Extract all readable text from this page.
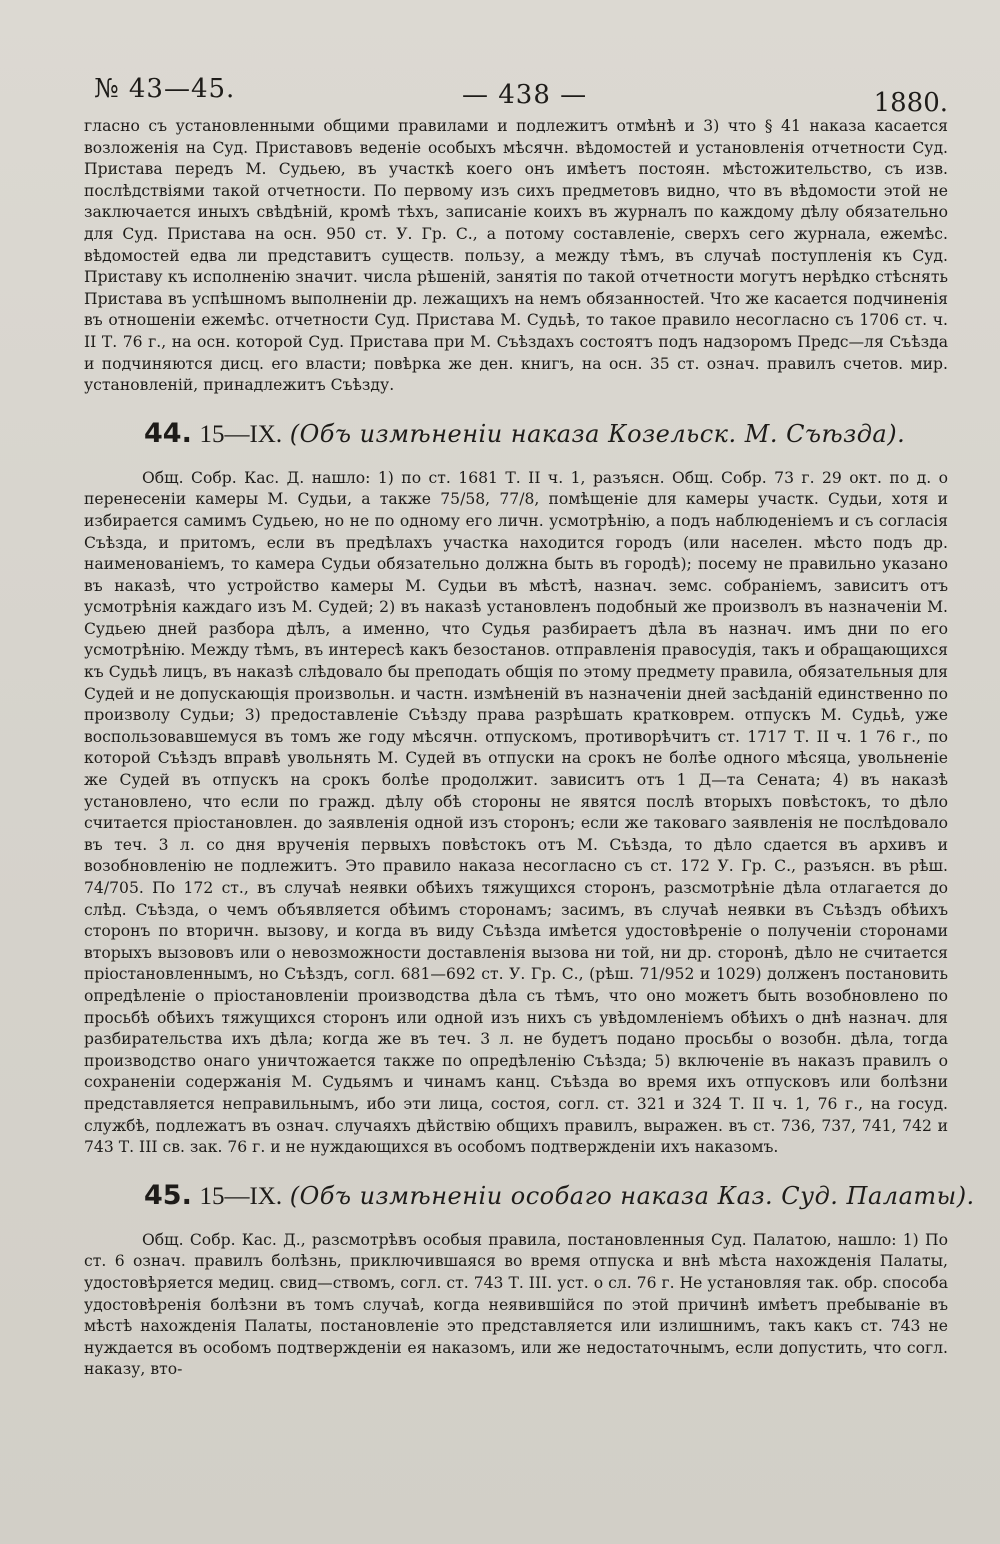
№ 43—45.	— 438 —	1880.

гласно съ установленными общими правилами и подлежитъ отмѣнѣ и 3) что § 41 наказа касается возложенія на Суд. Приставовъ веденіе особыхъ мѣсячн. вѣдомостей и установленія отчетности Суд. Пристава передъ М. Судьею, въ участкѣ коего онъ имѣетъ постоян. мѣстожительство, съ изв. послѣдствіями такой отчетности. По первому изъ сихъ предметовъ видно, что въ вѣдомости этой не заключается иныхъ свѣдѣній, кромѣ тѣхъ, записаніе коихъ въ журналъ по каждому дѣлу обязательно для Суд. Пристава на осн. 950 ст. У. Гр. С., а потому составленіе, сверхъ сего журнала, ежемѣс. вѣдомостей едва ли представитъ существ. пользу, а между тѣмъ, въ случаѣ поступленія къ Суд. Приставу къ исполненію значит. числа рѣшеній, занятія по такой отчетности могутъ нерѣдко стѣснять Пристава въ успѣшномъ выполненіи др. лежащихъ на немъ обязанностей. Что же касается подчиненія въ отношеніи ежемѣс. отчетности Суд. Пристава М. Судьѣ, то такое правило несогласно съ 1706 ст. ч. II Т. 76 г., на осн. которой Суд. Пристава при М. Съѣздахъ состоятъ подъ надзоромъ Предс—ля Съѣзда и подчиняются дисц. его власти; повѣрка же ден. книгъ, на осн. 35 ст. означ. правилъ счетов. мир. установленій, принадлежитъ Съѣзду.

44. 15—IX. (Объ измѣненіи наказа Козельск. М. Съѣзда).

Общ. Собр. Кас. Д. нашло: 1) по ст. 1681 Т. II ч. 1, разъясн. Общ. Собр. 73 г. 29 окт. по д. о перенесеніи камеры М. Судьи, а также 75/58, 77/8, помѣщеніе для камеры участк. Судьи, хотя и избирается самимъ Судьею, но не по одному его личн. усмотрѣнію, а подъ наблюденіемъ и съ согласія Съѣзда, и притомъ, если въ предѣлахъ участка находится городъ (или населен. мѣсто подъ др. наименованіемъ, то камера Судьи обязательно должна быть въ городѣ); посему не правильно указано въ наказѣ, что устройство камеры М. Судьи въ мѣстѣ, назнач. земс. собраніемъ, зависитъ отъ усмотрѣнія каждаго изъ М. Судей; 2) въ наказѣ установленъ подобный же произволъ въ назначеніи М. Судьею дней разбора дѣлъ, а именно, что Судья разбираетъ дѣла въ назнач. имъ дни по его усмотрѣнію. Между тѣмъ, въ интересѣ какъ безостанов. отправленія правосудія, такъ и обращающихся къ Судьѣ лицъ, въ наказѣ слѣдовало бы преподать общія по этому предмету правила, обязательныя для Судей и не допускающія произвольн. и частн. измѣненій въ назначеніи дней засѣданій единственно по произволу Судьи; 3) предоставленіе Съѣзду права разрѣшать кратковрем. отпускъ М. Судьѣ, уже воспользовавшемуся въ томъ же году мѣсячн. отпускомъ, противорѣчитъ ст. 1717 Т. II ч. 1 76 г., по которой Съѣздъ вправѣ увольнять М. Судей въ отпуски на срокъ не болѣе одного мѣсяца, увольненіе же Судей въ отпускъ на срокъ болѣе продолжит. зависитъ отъ 1 Д—та Сената; 4) въ наказѣ установлено, что если по гражд. дѣлу обѣ стороны не явятся послѣ вторыхъ повѣстокъ, то дѣло считается пріостановлен. до заявленія одной изъ сторонъ; если же таковаго заявленія не послѣдовало въ теч. 3 л. со дня врученія первыхъ повѣстокъ отъ М. Съѣзда, то дѣло сдается въ архивъ и возобновленію не подлежитъ. Это правило наказа несогласно съ ст. 172 У. Гр. С., разъясн. въ рѣш. 74/705. По 172 ст., въ случаѣ неявки обѣихъ тяжущихся сторонъ, разсмотрѣніе дѣла отлагается до слѣд. Съѣзда, о чемъ объявляется обѣимъ сторонамъ; засимъ, въ случаѣ неявки въ Съѣздъ обѣихъ сторонъ по вторичн. вызову, и когда въ виду Съѣзда имѣется удостовѣреніе о полученіи сторонами вторыхъ вызововъ или о невозможности доставленія вызова ни той, ни др. сторонѣ, дѣло не считается пріостановленнымъ, но Съѣздъ, согл. 681—692 ст. У. Гр. С., (рѣш. 71/952 и 1029) долженъ постановить опредѣленіе о пріостановленіи производства дѣла съ тѣмъ, что оно можетъ быть возобновлено по просьбѣ обѣихъ тяжущихся сторонъ или одной изъ нихъ съ увѣдомленіемъ обѣихъ о днѣ назнач. для разбирательства ихъ дѣла; когда же въ теч. 3 л. не будетъ подано просьбы о возобн. дѣла, тогда производство онаго уничтожается также по опредѣленію Съѣзда; 5) включеніе въ наказъ правилъ о сохраненіи содержанія М. Судьямъ и чинамъ канц. Съѣзда во время ихъ отпусковъ или болѣзни представляется неправильнымъ, ибо эти лица, состоя, согл. ст. 321 и 324 Т. II ч. 1, 76 г., на госуд. службѣ, подлежатъ въ означ. случаяхъ дѣйствію общихъ правилъ, выражен. въ ст. 736, 737, 741, 742 и 743 Т. III св. зак. 76 г. и не нуждающихся въ особомъ подтвержденіи ихъ наказомъ.

45. 15—IX. (Объ измѣненіи особаго наказа Каз. Суд. Палаты).

Общ. Собр. Кас. Д., разсмотрѣвъ особыя правила, постановленныя Суд. Палатою, нашло: 1) По ст. 6 означ. правилъ болѣзнь, приключившаяся во время отпуска и внѣ мѣста нахожденія Палаты, удостовѣряется медиц. свид—ствомъ, согл. ст. 743 Т. III. уст. о сл. 76 г. Не установляя так. обр. способа удостовѣренія болѣзни въ томъ случаѣ, когда неявившійся по этой причинѣ имѣетъ пребываніе въ мѣстѣ нахожденія Палаты, постановленіе это представляется или излишнимъ, такъ какъ ст. 743 не нуждается въ особомъ подтвержденіи ея наказомъ, или же недостаточнымъ, если допустить, что согл. наказу, вто-
